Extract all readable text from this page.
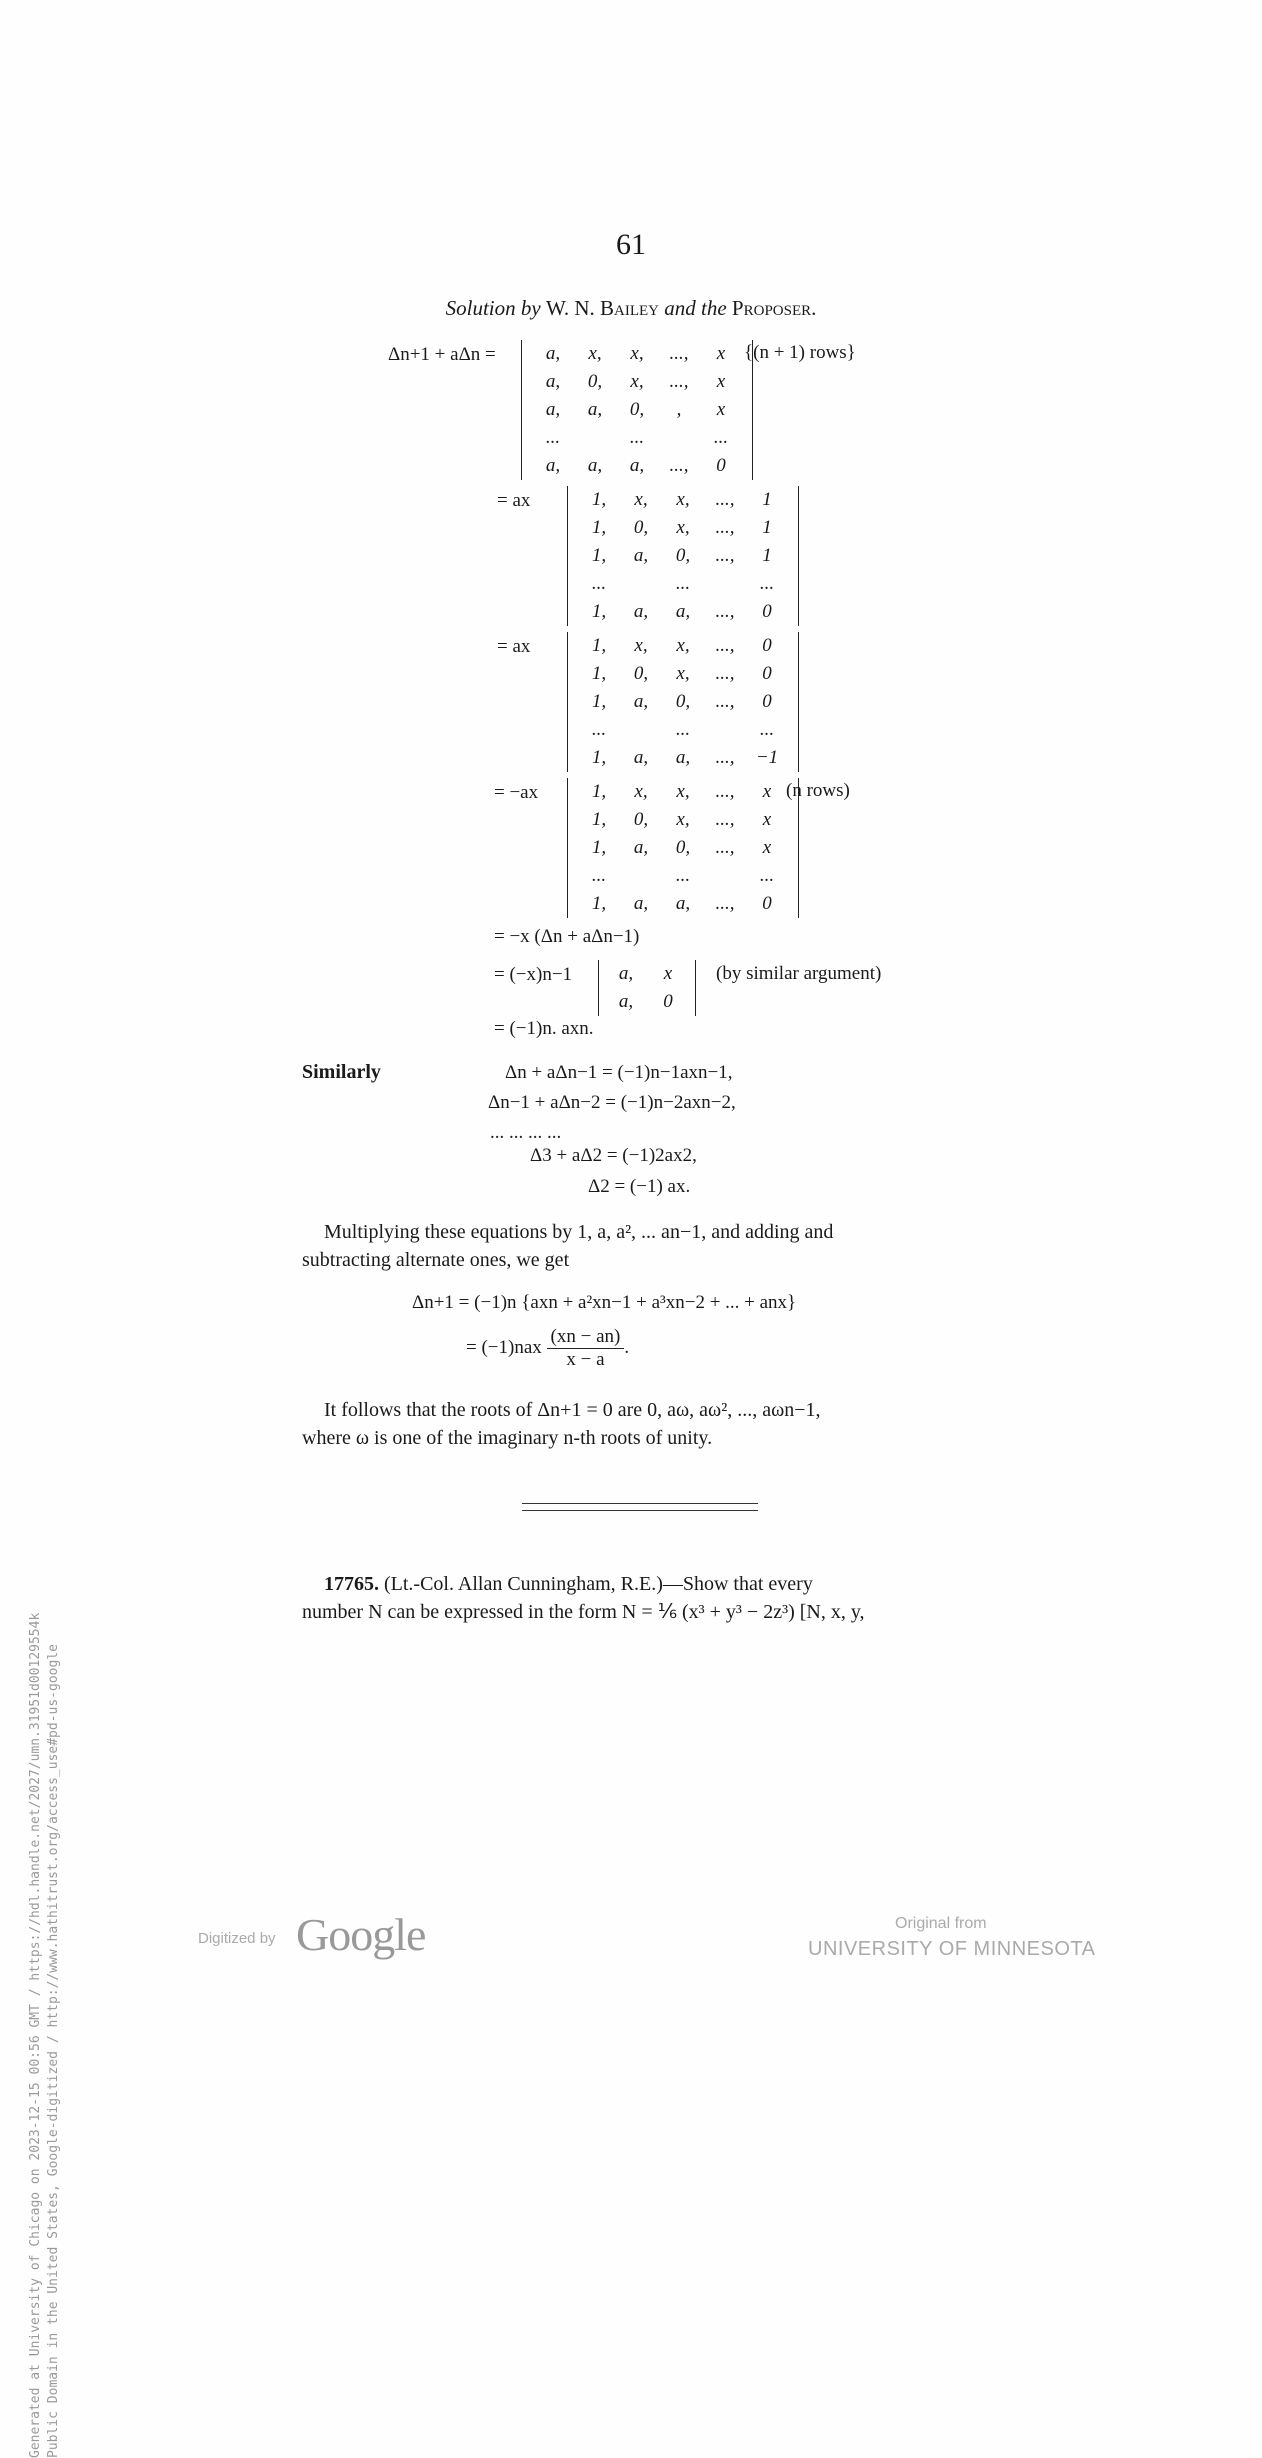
61
Solution by W. N. Bailey and the Proposer.
Δn+1 + aΔn =	a,	x,	x,	...,	x
a,	0,	x,	...,	x
a,	a,	0,	,	x
...		...		...
a,	a,	a,	...,	0
{(n + 1) rows}
= ax	1,	x,	x,	...,	1
1,	0,	x,	...,	1
1,	a,	0,	...,	1
...		...		...
1,	a,	a,	...,	0
= ax	1,	x,	x,	...,	0
1,	0,	x,	...,	0
1,	a,	0,	...,	0
...		...		...
1,	a,	a,	...,	−1
= −ax	1,	x,	x,	...,	x
1,	0,	x,	...,	x
1,	a,	0,	...,	x
...		...		...
1,	a,	a,	...,	0
(n rows)
= −x (Δn + aΔn−1)
= (−x)n−1 a,	x
a,	0
(by similar argument)
= (−1)n. axn.
Similarly	Δn + aΔn−1 = (−1)n−1axn−1,
Δn−1 + aΔn−2 = (−1)n−2axn−2,
... ... ... ...
Δ3 + aΔ2 = (−1)2ax2,
Δ2 = (−1) ax.
Multiplying these equations by 1, a, a², ... an−1, and adding and
subtracting alternate ones, we get
Δn+1 = (−1)n {axn + a²xn−1 + a³xn−2 + ... + anx}
= $(-1)nax \frac{(xn - an)}{x - a}$ .
It follows that the roots of Δn+1 = 0 are 0, aω, aω², ..., aωn−1,
where ω is one of the imaginary n-th roots of unity.
17765. (Lt.-Col. Allan Cunningham, R.E.)—Show that every
number N can be expressed in the form N = ⅙ (x³ + y³ − 2z³) [N, x, y,
Generated at University of Chicago on 2023-12-15 00:56 GMT / https://hdl.handle.net/2027/umn.31951d00129554k Public Domain in the United States, Google-digitized / http://www.hathitrust.org/access_use#pd-us-google	Digitized by Google	Original from
UNIVERSITY OF MINNESOTA
